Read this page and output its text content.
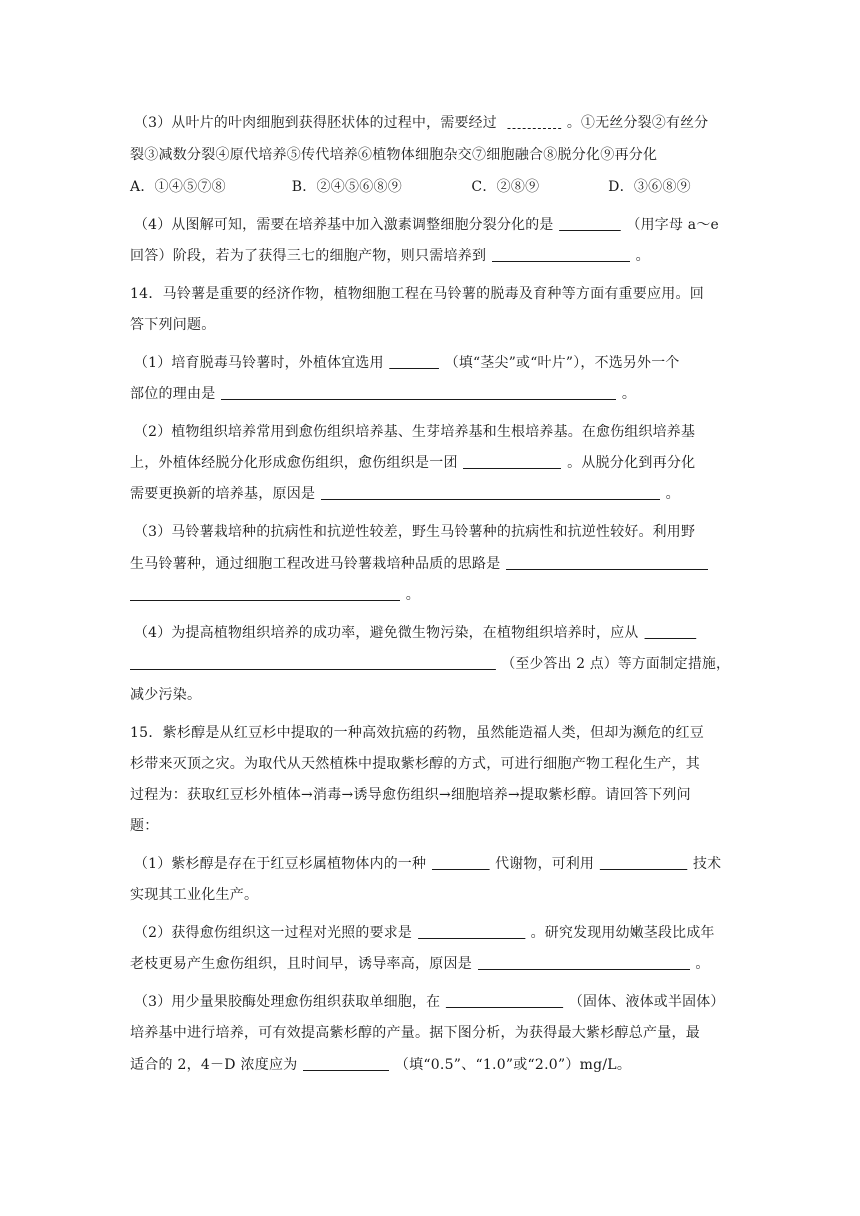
（3）从叶片的叶肉细胞到获得胚状体的过程中，需要经过	。①无丝分裂②有丝分
裂③减数分裂④原代培养⑤传代培养⑥植物体细胞杂交⑦细胞融合⑧脱分化⑨再分化
A．①④⑤⑦⑧	B．②④⑤⑥⑧⑨	C．②⑧⑨	D．③⑥⑧⑨
（4）从图解可知，需要在培养基中加入激素调整细胞分裂分化的是	（用字母 a～e
回答）阶段，若为了获得三七的细胞产物，则只需培养到	。
14．马铃薯是重要的经济作物，植物细胞工程在马铃薯的脱毒及育种等方面有重要应用。回
答下列问题。
（1）培育脱毒马铃薯时，外植体宜选用	（填“茎尖”或“叶片”），不选另外一个
部位的理由是	。
（2）植物组织培养常用到愈伤组织培养基、生芽培养基和生根培养基。在愈伤组织培养基
上，外植体经脱分化形成愈伤组织，愈伤组织是一团	。从脱分化到再分化
需要更换新的培养基，原因是	。
（3）马铃薯栽培种的抗病性和抗逆性较差，野生马铃薯种的抗病性和抗逆性较好。利用野
生马铃薯种，通过细胞工程改进马铃薯栽培种品质的思路是
。
（4）为提高植物组织培养的成功率，避免微生物污染，在植物组织培养时，应从
（至少答出 2 点）等方面制定措施，
减少污染。
15．紫杉醇是从红豆杉中提取的一种高效抗癌的药物，虽然能造福人类，但却为濒危的红豆
杉带来灭顶之灾。为取代从天然植株中提取紫杉醇的方式，可进行细胞产物工程化生产，其
过程为：获取红豆杉外植体→消毒→诱导愈伤组织→细胞培养→提取紫杉醇。请回答下列问
题：
（1）紫杉醇是存在于红豆杉属植物体内的一种	代谢物，可利用	技术
实现其工业化生产。
（2）获得愈伤组织这一过程对光照的要求是	。研究发现用幼嫩茎段比成年
老枝更易产生愈伤组织，且时间早，诱导率高，原因是	。
（3）用少量果胶酶处理愈伤组织获取单细胞，在	（固体、液体或半固体）
培养基中进行培养，可有效提高紫杉醇的产量。据下图分析，为获得最大紫杉醇总产量，最
适合的 2，4－D 浓度应为	（填“0.5”、“1.0”或“2.0”）mg/L。
